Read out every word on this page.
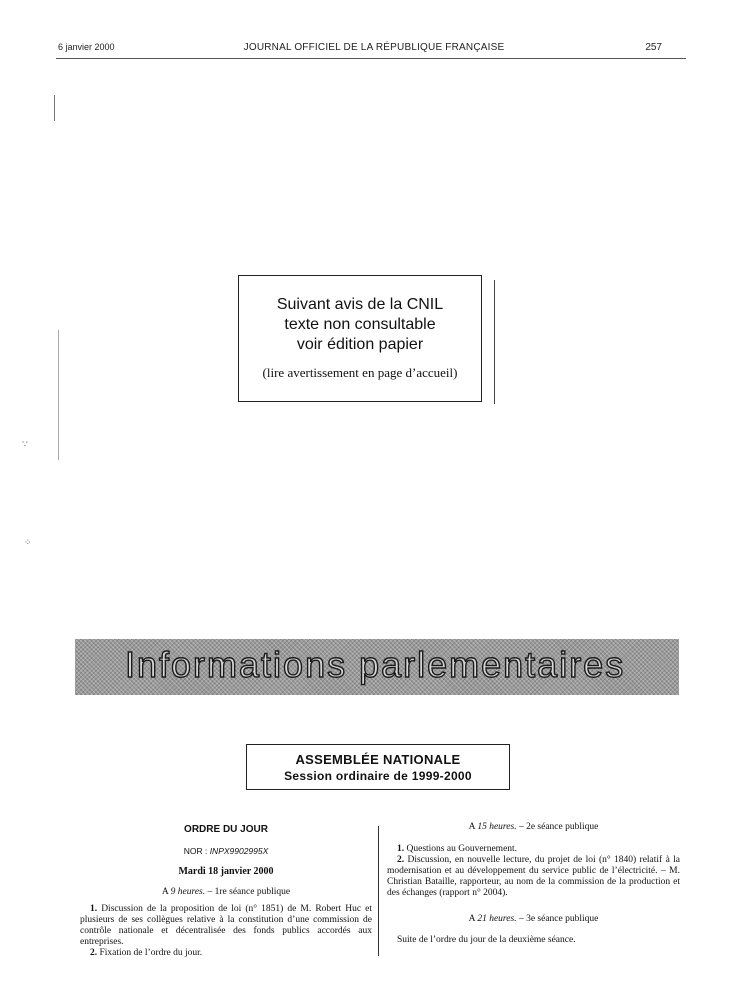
6 janvier 2000	JOURNAL OFFICIEL DE LA RÉPUBLIQUE FRANÇAISE	257
∵
⁘
Suivant avis de la CNIL
texte non consultable
voir édition papier
(lire avertissement en page d’accueil)
Informations parlementaires
ASSEMBLÉE NATIONALE
Session ordinaire de 1999-2000
ORDRE DU JOUR
NOR : INPX9902995X
Mardi 18 janvier 2000
A 9 heures. – 1re séance publique
1. Discussion de la proposition de loi (n° 1851) de M. Robert Huc et plusieurs de ses collègues relative à la constitution d’une commission de contrôle nationale et décentralisée des fonds publics accordés aux entreprises.
2. Fixation de l’ordre du jour.
A 15 heures. – 2e séance publique
1. Questions au Gouvernement.
2. Discussion, en nouvelle lecture, du projet de loi (n° 1840) relatif à la modernisation et au développement du service public de l’électricité. – M. Christian Bataille, rapporteur, au nom de la commission de la production et des échanges (rapport n° 2004).
A 21 heures. – 3e séance publique
Suite de l’ordre du jour de la deuxième séance.
